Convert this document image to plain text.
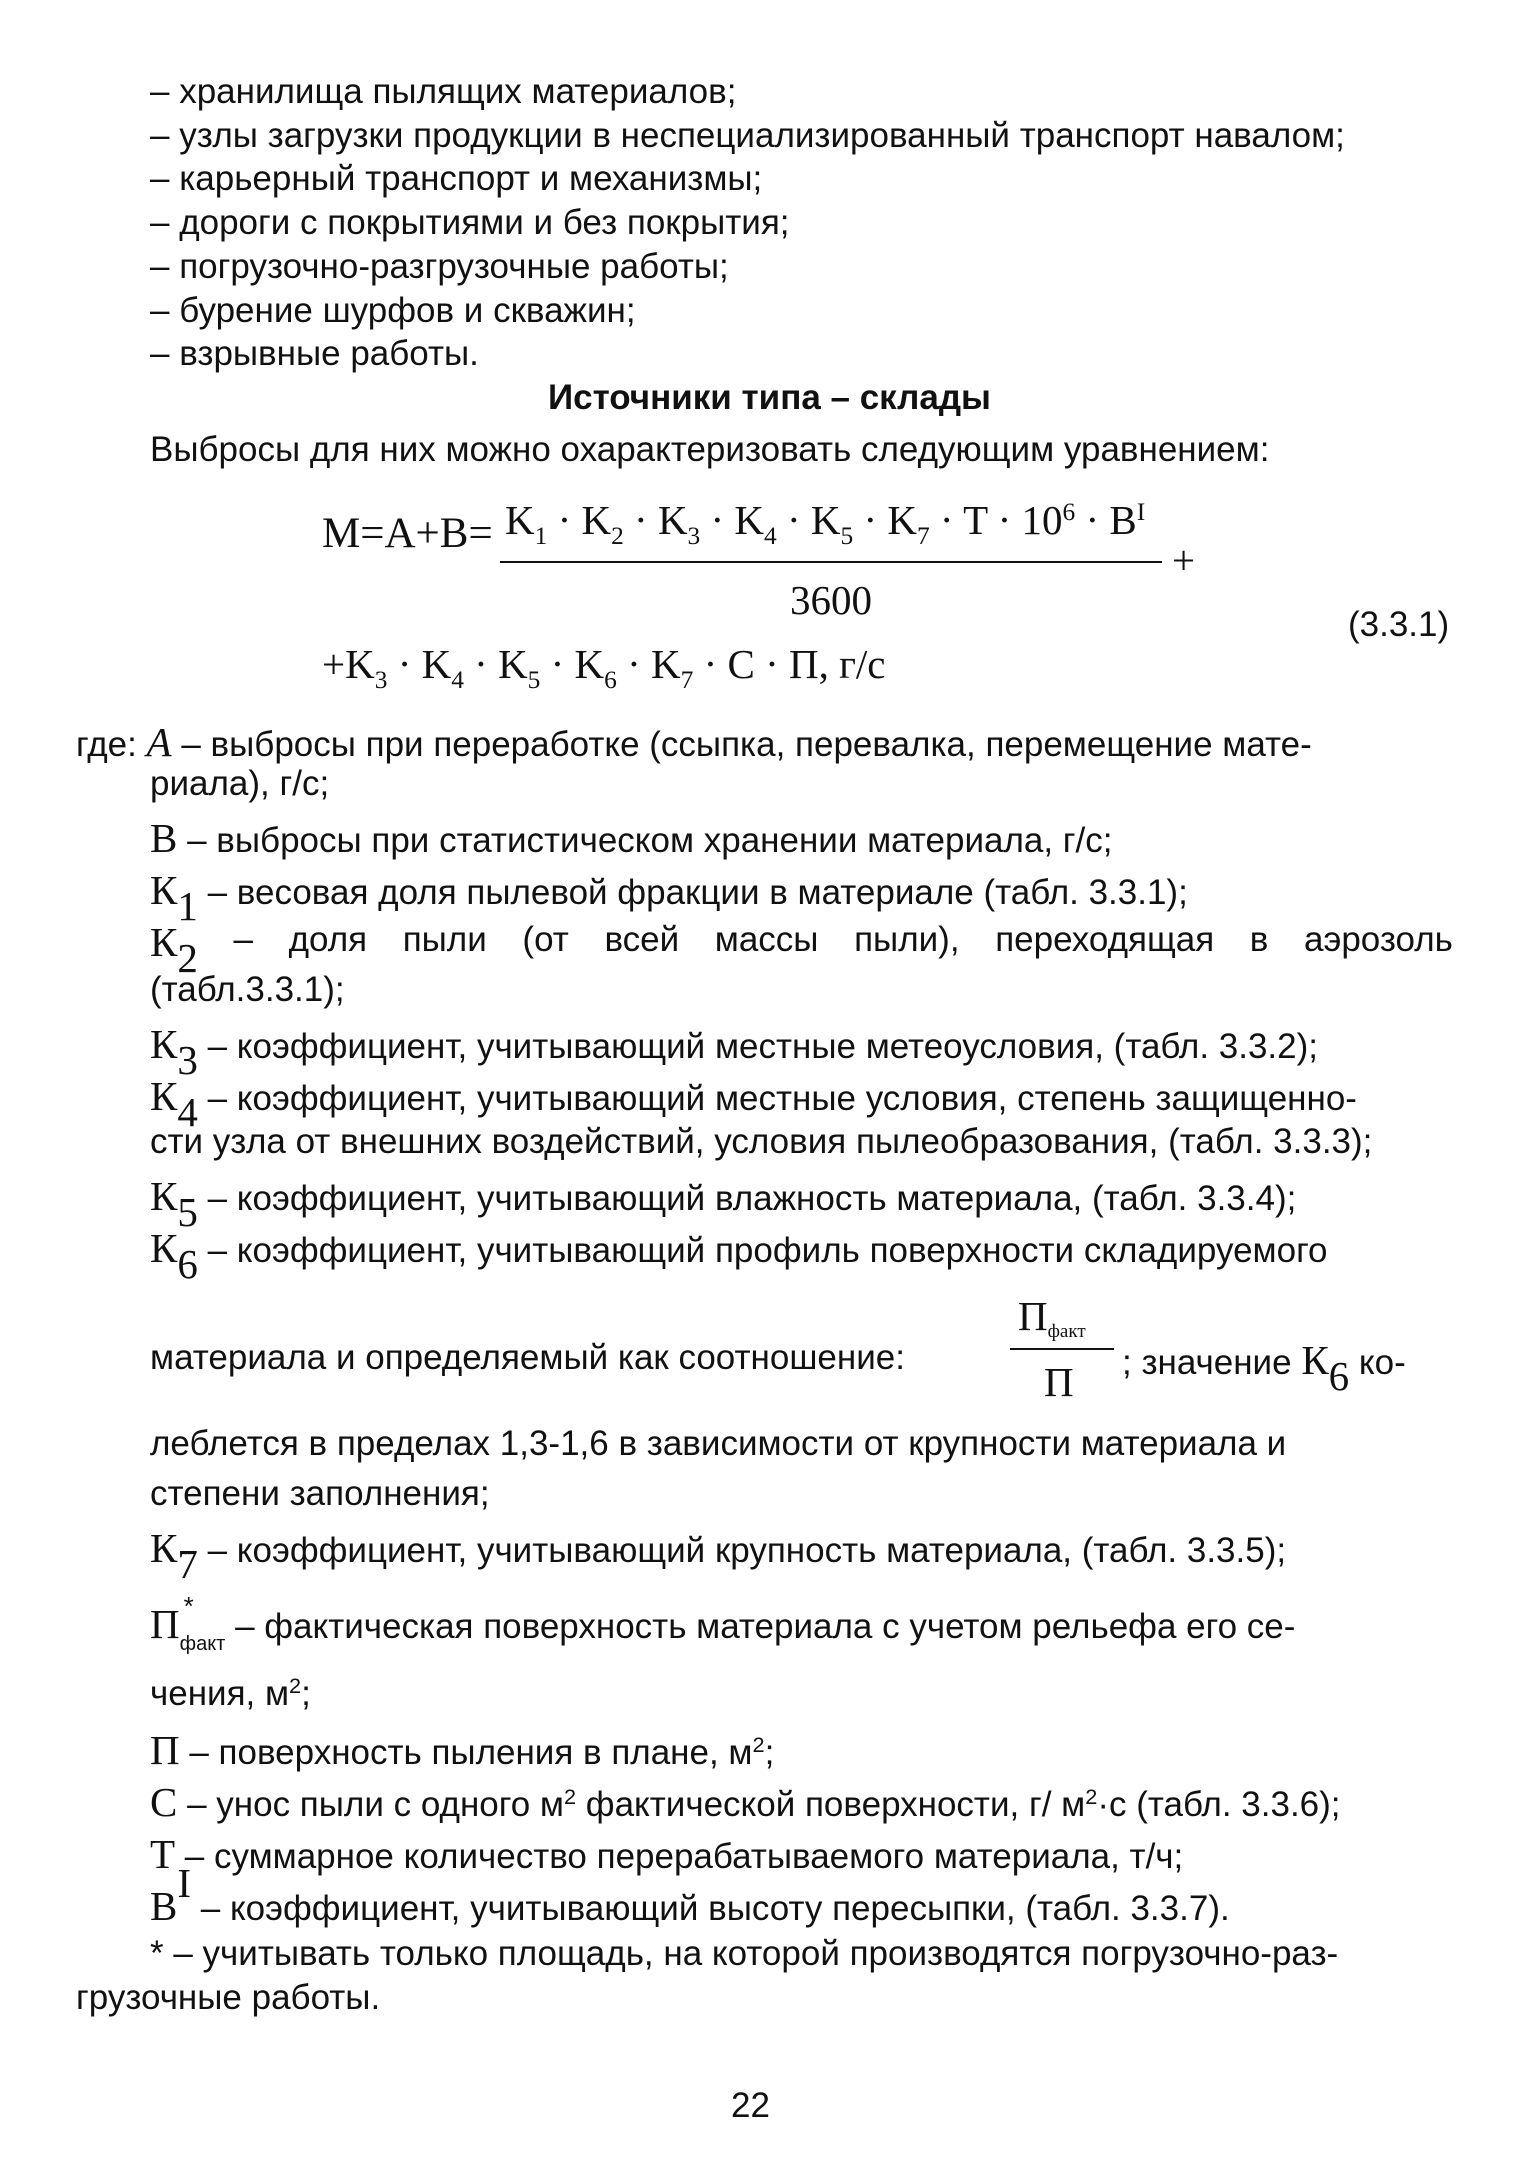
– хранилища пылящих материалов;
– узлы загрузки продукции в неспециализированный транспорт навалом;
– карьерный транспорт и механизмы;
– дороги с покрытиями и без покрытия;
– погрузочно-разгрузочные работы;
– бурение шурфов и скважин;
– взрывные работы.
Источники типа – склады
Выбросы для них можно охарактеризовать следующим уравнением:
$M=A+B= K_1 \cdot K_2 \cdot K_3 \cdot K_4 \cdot K_5 \cdot K_7 \cdot T \cdot 10^6 \cdot B^I$
+
3600
$+K_3 \cdot K_4 \cdot K_5 \cdot K_6 \cdot K_7 \cdot C \cdot П$, г/с
(3.3.1)
где: A – выбросы при переработке (ссыпка, перевалка, перемещение мате-
риала), г/с;
В – выбросы при статистическом хранении материала, г/с;
К1 – весовая доля пылевой фракции в материале (табл. 3.3.1);
К2 – доля пыли (от всей массы пыли), переходящая в аэрозоль
(табл.3.3.1);
К3 – коэффициент, учитывающий местные метеоусловия, (табл. 3.3.2);
К4 – коэффициент, учитывающий местные условия, степень защищенно-
сти узла от внешних воздействий, условия пылеобразования, (табл. 3.3.3);
К5 – коэффициент, учитывающий влажность материала, (табл. 3.3.4);
К6 – коэффициент, учитывающий профиль поверхности складируемого
материала и определяемый как соотношение:
Пфакт
П ; значение К6 ко-
леблется в пределах 1,3-1,6 в зависимости от крупности материала и
степени заполнения;
К7 – коэффициент, учитывающий крупность материала, (табл. 3.3.5);
П *
$_{факт}$ – фактическая поверхность материала с учетом рельефа его се-
чения, $м^2$;
П – поверхность пыления в плане, $м^2$;
С – унос пыли с одного $м^2$ фактической поверхности, г/ $м^2\cdot с$ (табл. 3.3.6);
Т – суммарное количество перерабатываемого материала, т/ч;
ВI – коэффициент, учитывающий высоту пересыпки, (табл. 3.3.7).
* – учитывать только площадь, на которой производятся погрузочно-раз-
грузочные работы.
22
